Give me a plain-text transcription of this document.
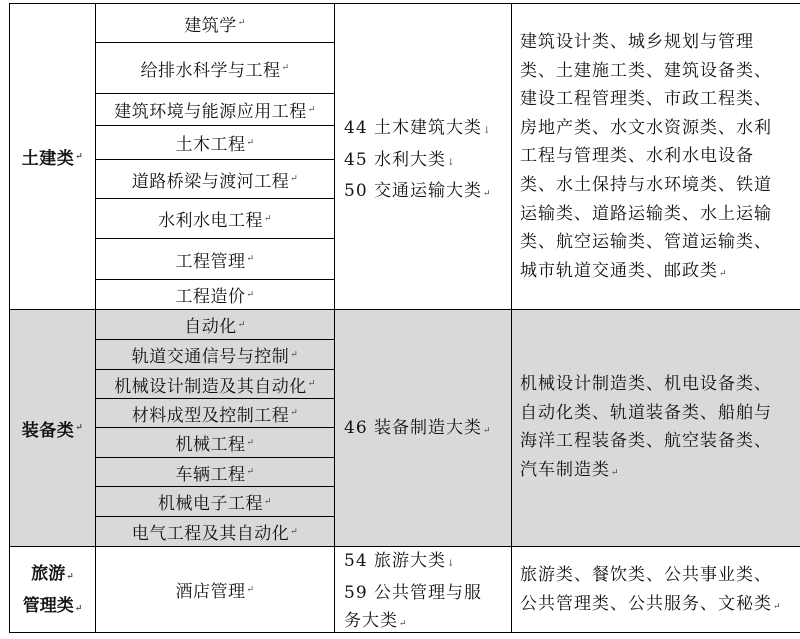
土建类 ↵
建筑学 ↵
给排水科学与工程 ↵
建筑环境与能源应用工程 ↵
土木工程 ↵
道路桥梁与渡河工程 ↵
水利水电工程 ↵
工程管理 ↵
工程造价 ↵
44 土木建筑大类↓
45 水利大类↓
50 交通运输大类↵
建筑设计类、城乡规划与管理
类、土建施工类、建筑设备类、
建设工程管理类、市政工程类、
房地产类、水文水资源类、水利
工程与管理类、水利水电设备
类、水土保持与水环境类、铁道
运输类、道路运输类、水上运输
类、航空运输类、管道运输类、
城市轨道交通类、邮政类↵
装备类 ↵
自动化 ↵
轨道交通信号与控制 ↵
机械设计制造及其自动化 ↵
材料成型及控制工程 ↵
机械工程 ↵
车辆工程 ↵
机械电子工程 ↵
电气工程及其自动化 ↵
46 装备制造大类↵
机械设计制造类、机电设备类、
自动化类、轨道装备类、船舶与
海洋工程装备类、航空装备类、
汽车制造类↵
旅游↵
管理类↵
酒店管理 ↵
54 旅游大类↓
59 公共管理与服
务大类↵
旅游类、餐饮类、公共事业类、
公共管理类、公共服务、文秘类↵
